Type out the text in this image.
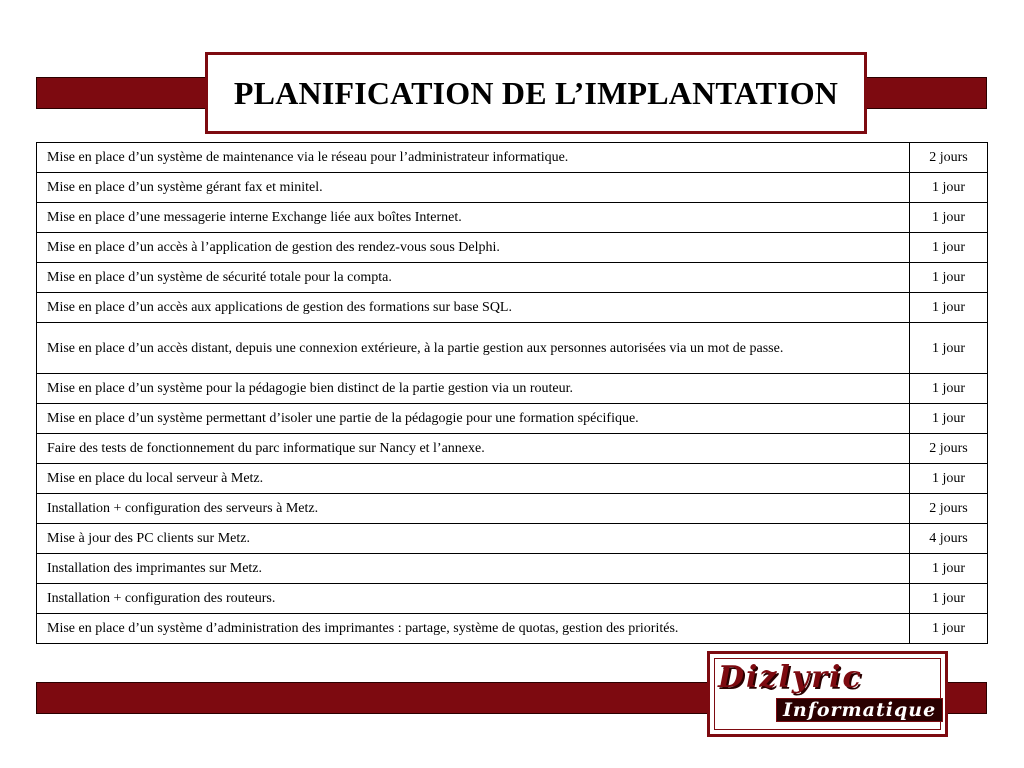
PLANIFICATION DE L’IMPLANTATION
Mise en place d’un système de maintenance via le réseau pour l’administrateur informatique.	2 jours
Mise en place d’un système gérant fax et minitel.	1 jour
Mise en place d’une messagerie interne Exchange liée aux boîtes Internet.	1 jour
Mise en place d’un accès à l’application de gestion des rendez-vous sous Delphi.	1 jour
Mise en place d’un système de sécurité totale pour la compta.	1 jour
Mise en place d’un accès aux applications de gestion des formations sur base SQL.	1 jour

Mise en place d’un accès distant, depuis une connexion extérieure, à la partie gestion aux personnes autorisées via un mot de passe.	1 jour
Mise en place d’un système pour la pédagogie bien distinct de la partie gestion via un routeur.	1 jour
Mise en place d’un système permettant d’isoler une partie de la pédagogie pour une formation spécifique.	1 jour
Faire des tests de fonctionnement du parc informatique sur Nancy et l’annexe.	2 jours
Mise en place du local serveur à Metz.	1 jour
Installation + configuration des serveurs à Metz.	2 jours
Mise à jour des PC clients sur Metz.	4 jours
Installation des imprimantes sur Metz.	1 jour
Installation + configuration des routeurs.	1 jour
Mise en place d’un système d’administration des imprimantes : partage, système de quotas, gestion des priorités.	1 jour
Dizlyric
Informatique
